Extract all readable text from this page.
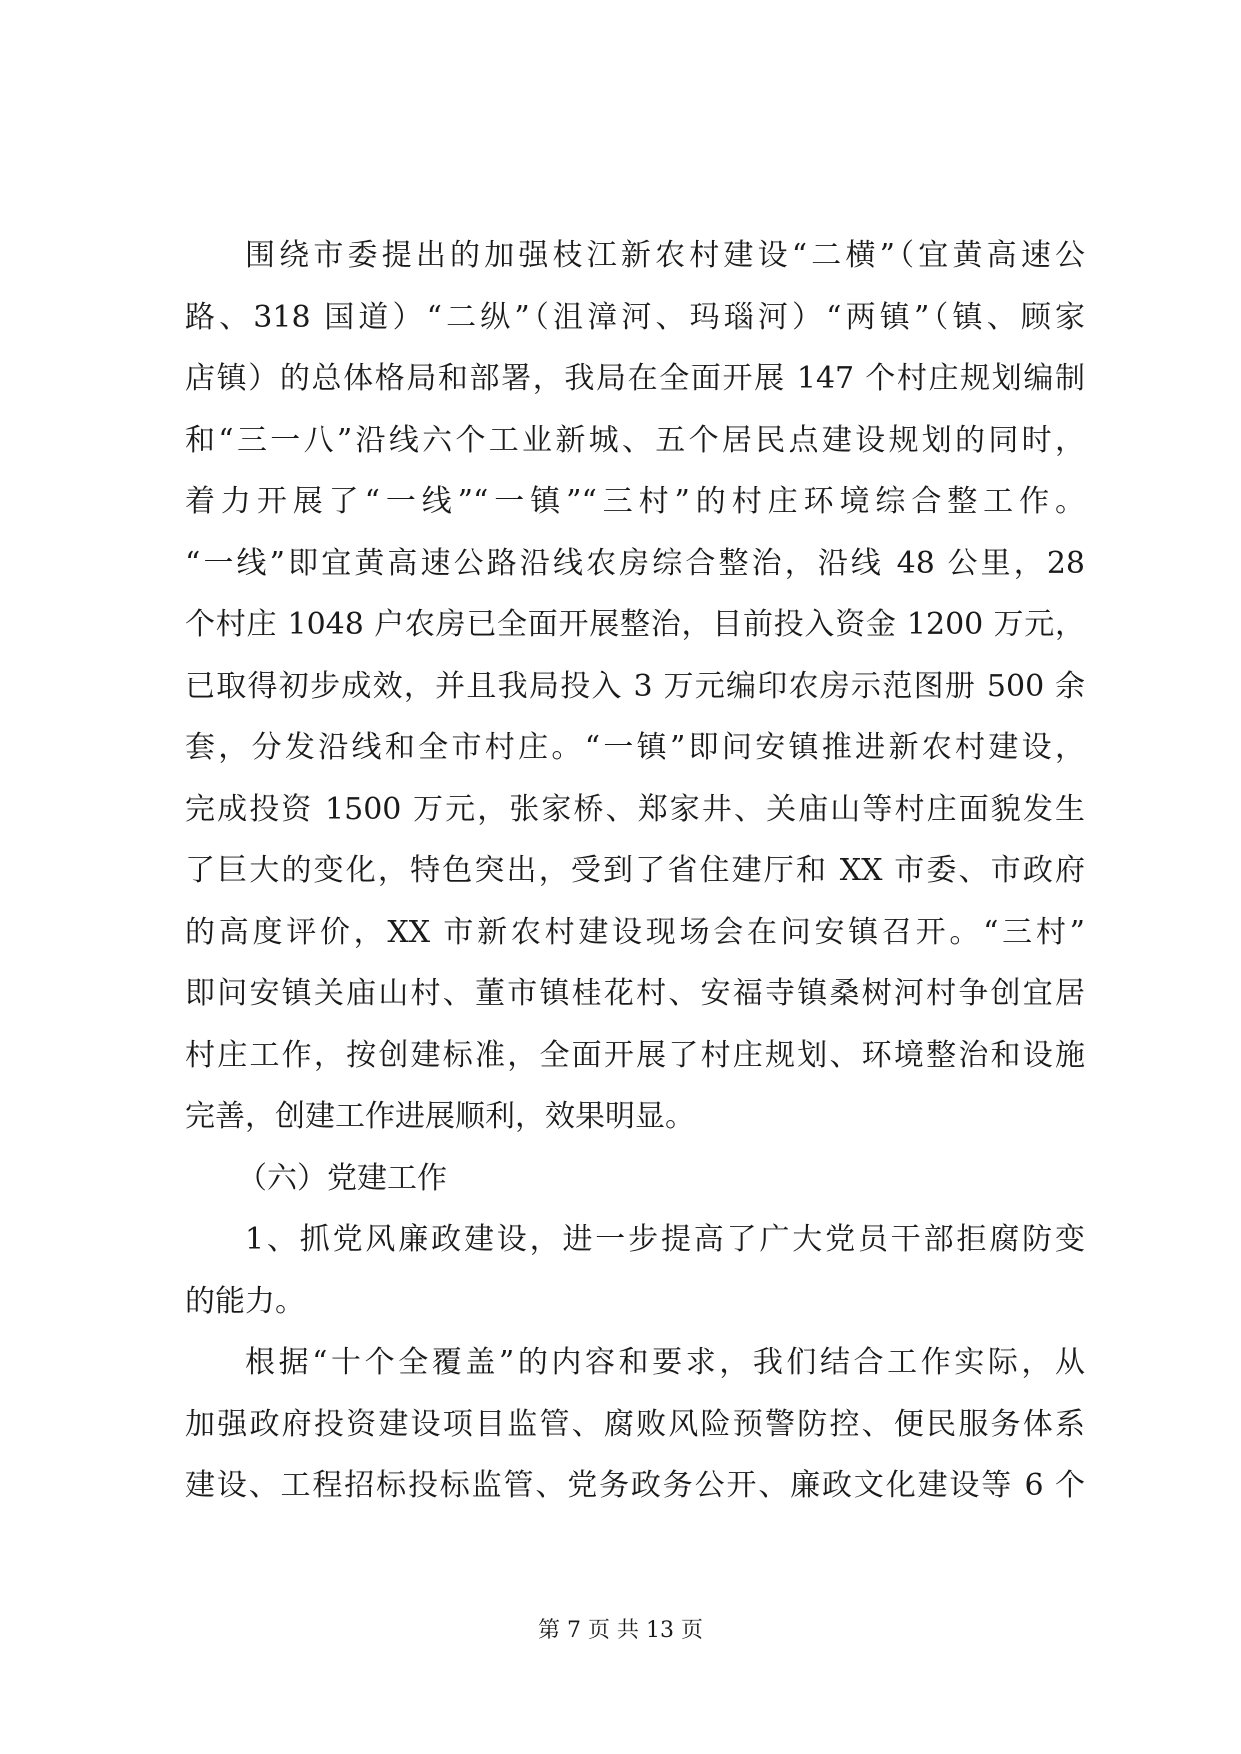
围绕市委提出的加强枝江新农村建设“二横”（宜黄高速公
路、318 国道）“二纵”（沮漳河、玛瑙河）“两镇”（镇、顾家
店镇）的总体格局和部署，我局在全面开展 147 个村庄规划编制
和“三一八”沿线六个工业新城、五个居民点建设规划的同时，
着力开展了“一线”“一镇”“三村”的村庄环境综合整工作。
“一线”即宜黄高速公路沿线农房综合整治，沿线 48 公里，28
个村庄 1048 户农房已全面开展整治，目前投入资金 1200 万元，
已取得初步成效，并且我局投入 3 万元编印农房示范图册 500 余
套，分发沿线和全市村庄。“一镇”即问安镇推进新农村建设，
完成投资 1500 万元，张家桥、郑家井、关庙山等村庄面貌发生
了巨大的变化，特色突出，受到了省住建厅和 XX 市委、市政府
的高度评价，XX 市新农村建设现场会在问安镇召开。“三村”
即问安镇关庙山村、董市镇桂花村、安福寺镇桑树河村争创宜居
村庄工作，按创建标准，全面开展了村庄规划、环境整治和设施
完善，创建工作进展顺利，效果明显。
（六）党建工作
1、抓党风廉政建设，进一步提高了广大党员干部拒腐防变
的能力。
根据“十个全覆盖”的内容和要求，我们结合工作实际，从
加强政府投资建设项目监管、腐败风险预警防控、便民服务体系
建设、工程招标投标监管、党务政务公开、廉政文化建设等 6 个
第 7 页 共 13 页
